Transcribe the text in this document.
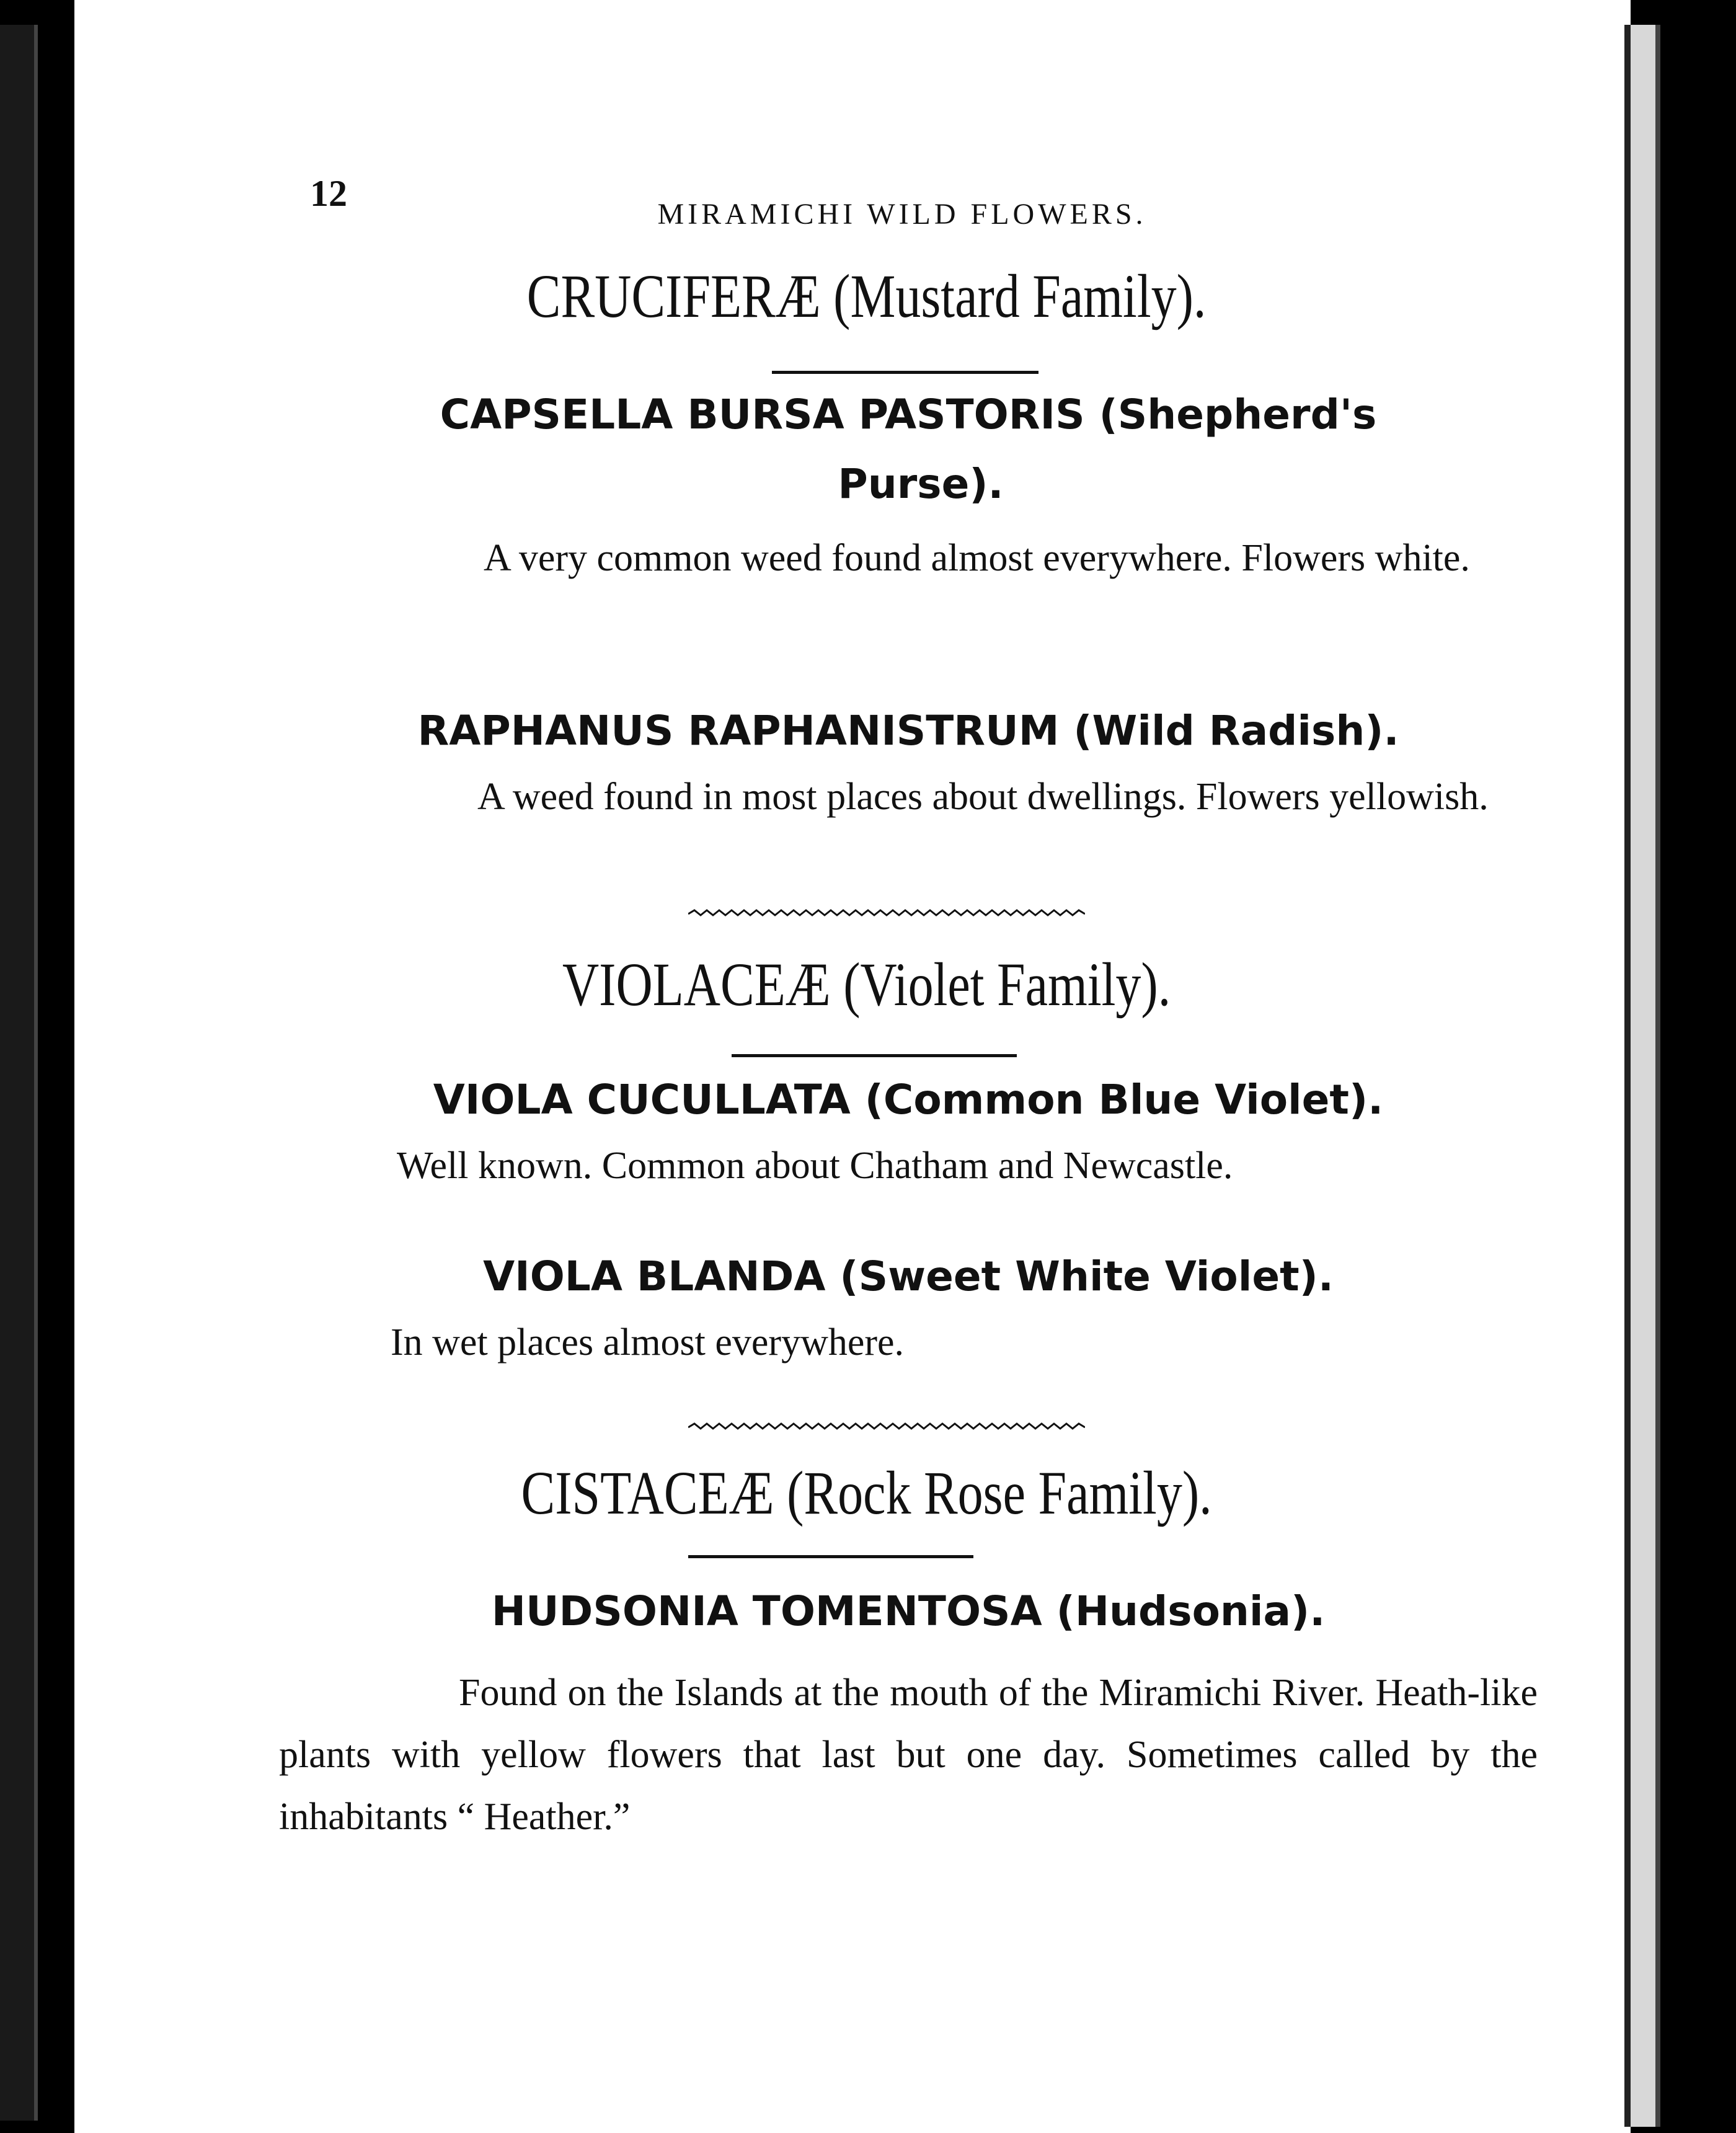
12
MIRAMICHI WILD FLOWERS.
CRUCIFERÆ (Mustard Family).
CAPSELLA BURSA PASTORIS (Shepherd's
Purse).

A very common weed found almost everywhere. Flowers white.

RAPHANUS RAPHANISTRUM (Wild Radish).

A weed found in most places about dwellings. Flowers yellowish.

VIOLACEÆ (Violet Family).
VIOLA CUCULLATA (Common Blue Violet).

Well known. Common about Chatham and Newcastle.

VIOLA BLANDA (Sweet White Violet).

In wet places almost everywhere.

CISTACEÆ (Rock Rose Family).
HUDSONIA TOMENTOSA (Hudsonia).

Found on the Islands at the mouth of the Miramichi River. Heath-like plants with yellow flowers that last but one day. Sometimes called by the inhabitants “ Heather.”
